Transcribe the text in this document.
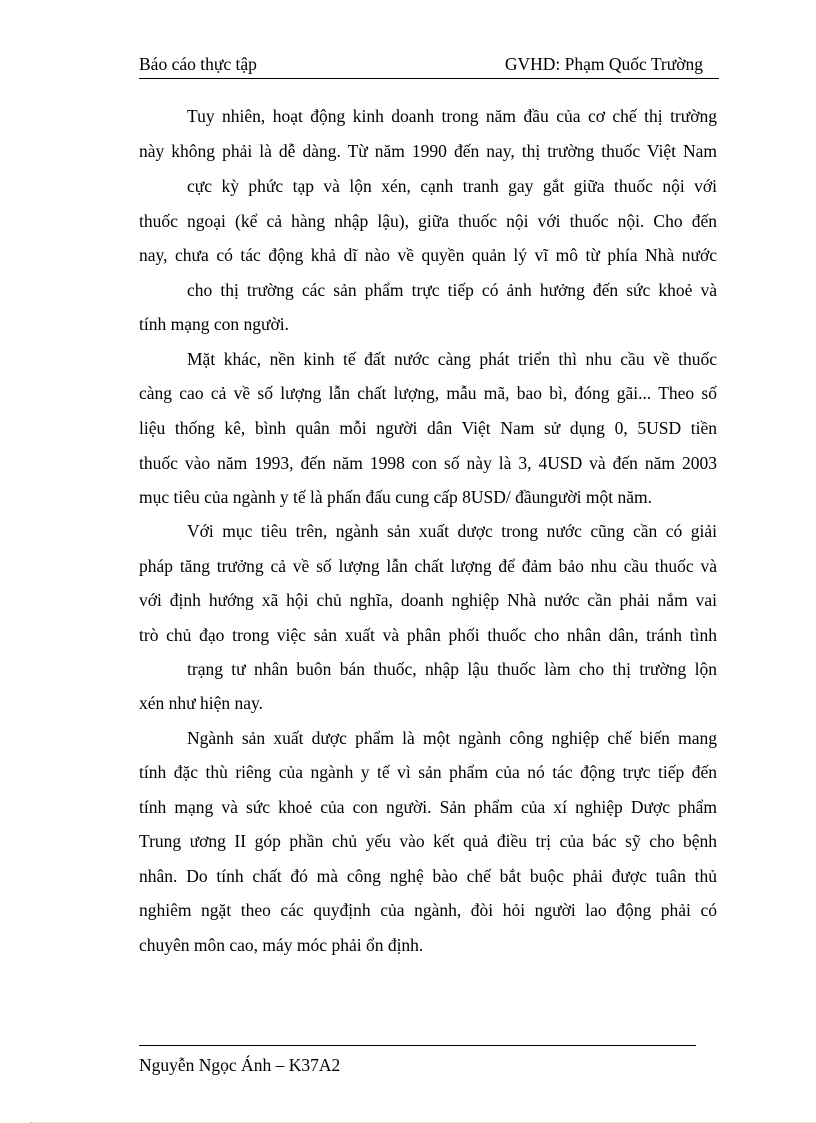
Báo cáo thực tập	GVHD: Phạm Quốc Trường
Tuy nhiên, hoạt động kinh doanh trong năm đầu của cơ chế thị trường
này không phải là dễ dàng. Từ năm 1990 đến nay, thị trường thuốc Việt Nam
cực kỳ phức tạp và lộn xén, cạnh tranh gay gắt giữa thuốc nội với
thuốc ngoại (kể cả hàng nhập lậu), giữa thuốc nội với thuốc nội. Cho đến
nay, chưa có tác động khả dĩ nào về quyền quản lý vĩ mô từ phía Nhà nước
cho thị trường các sản phẩm trực tiếp có ảnh hưởng đến sức khoẻ và
tính mạng con người.
Mặt khác, nền kinh tế đất nước càng phát triển thì nhu cầu về thuốc
càng cao cả về số lượng lẫn chất lượng, mẫu mã, bao bì, đóng gãi... Theo số
liệu thống kê, bình quân mỗi người dân Việt Nam sử dụng 0, 5USD tiền
thuốc vào năm 1993, đến năm 1998 con số này là 3, 4USD và đến năm 2003
mục tiêu của ngành y tế là phấn đấu cung cấp 8USD/ đầungười một năm.
Với mục tiêu trên, ngành sản xuất dược trong nước cũng cần có giải
pháp tăng trưởng cả về số lượng lẫn chất lượng để đảm bảo nhu cầu thuốc và
với định hướng xã hội chủ nghĩa, doanh nghiệp Nhà nước cần phải nắm vai
trò chủ đạo trong việc sản xuất và phân phối thuốc cho nhân dân, tránh tình
trạng tư nhân buôn bán thuốc, nhập lậu thuốc làm cho thị trường lộn
xén như hiện nay.
Ngành sản xuất dược phẩm là một ngành công nghiệp chế biến mang
tính đặc thù riêng của ngành y tế vì sản phẩm của nó tác động trực tiếp đến
tính mạng và sức khoẻ của con người. Sản phẩm của xí nghiệp Dược phẩm
Trung ương II góp phần chủ yếu vào kết quả điều trị của bác sỹ cho bệnh
nhân. Do tính chất đó mà công nghệ bào chế bắt buộc phải được tuân thủ
nghiêm ngặt theo các quyđịnh của ngành, đòi hỏi người lao động phải có
chuyên môn cao, máy móc phải ổn định.
Nguyễn Ngọc Ánh – K37A2
